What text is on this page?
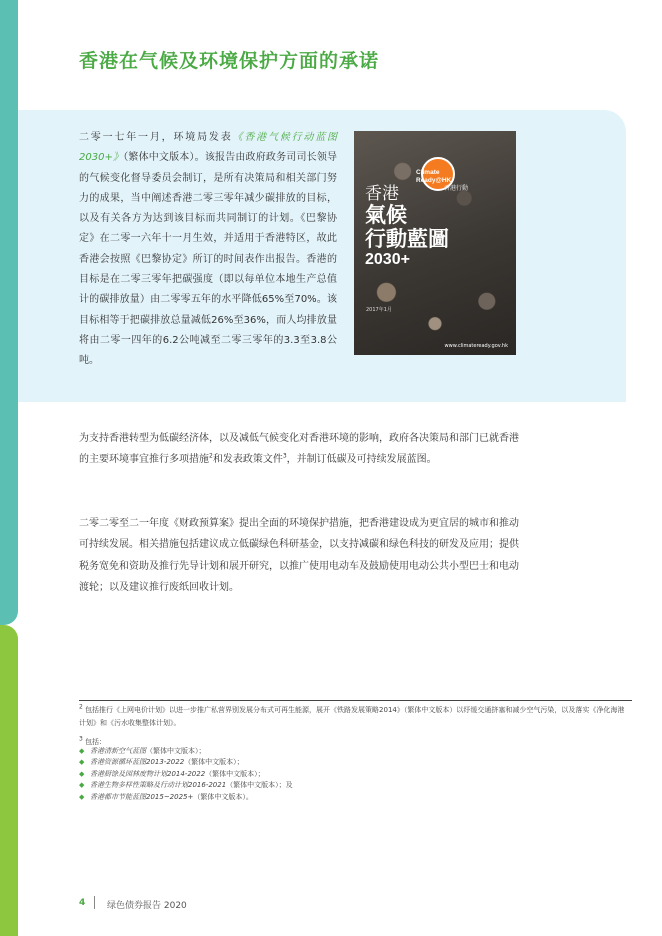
香港在气候及环境保护方面的承诺

二零一七年一月，环境局发表《香港气候行动蓝图2030+》（繁体中文版本）。该报告由政府政务司司长领导的气候变化督导委员会制订，是所有决策局和相关部门努力的成果，当中阐述香港二零三零年减少碳排放的目标，以及有关各方为达到该目标而共同制订的计划。《巴黎协定》在二零一六年十一月生效，并适用于香港特区，故此香港会按照《巴黎协定》所订的时间表作出报告。香港的目标是在二零三零年把碳强度（即以每单位本地生产总值计的碳排放量）由二零零五年的水平降低65%至70%。该目标相等于把碳排放总量减低26%至36%，而人均排放量将由二零一四年的6.2公吨减至二零三零年的3.3至3.8公吨。

Climate
Ready@HK
香港行動
香港
氣候
行動藍圖
2030+
2017年1月
www.climateready.gov.hk

为支持香港转型为低碳经济体，以及减低气候变化对香港环境的影响，政府各决策局和部门已就香港的主要环境事宜推行多项措施$^2$和发表政策文件$^3$，并制订低碳及可持续发展蓝图。

二零二零至二一年度《财政预算案》提出全面的环境保护措施，把香港建设成为更宜居的城市和推动可持续发展。相关措施包括建议成立低碳绿色科研基金，以支持减碳和绿色科技的研发及应用；提供税务宽免和资助及推行先导计划和展开研究，以推广使用电动车及鼓励使用电动公共小型巴士和电动渡轮；以及建议推行废纸回收计划。

$^2$ 包括推行《上网电价计划》以进一步推广私营界别发展分布式可再生能源，展开《铁路发展策略2014》（繁体中文版本）以纾缓交通挤塞和减少空气污染，以及落实《净化海港计划》和《污水收集整体计划》。

$^3$ 包括：

◆ 香港清新空气蓝图（繁体中文版本）；
◆ 香港资源循环蓝图2013-2022（繁体中文版本）；
◆ 香港厨馀及园林废物计划2014-2022（繁体中文版本）；
◆ 香港生物多样性策略及行动计划2016-2021（繁体中文版本）；及
◆ 香港都市节能蓝图2015~2025+（繁体中文版本）。
4 绿色债券报告 2020
